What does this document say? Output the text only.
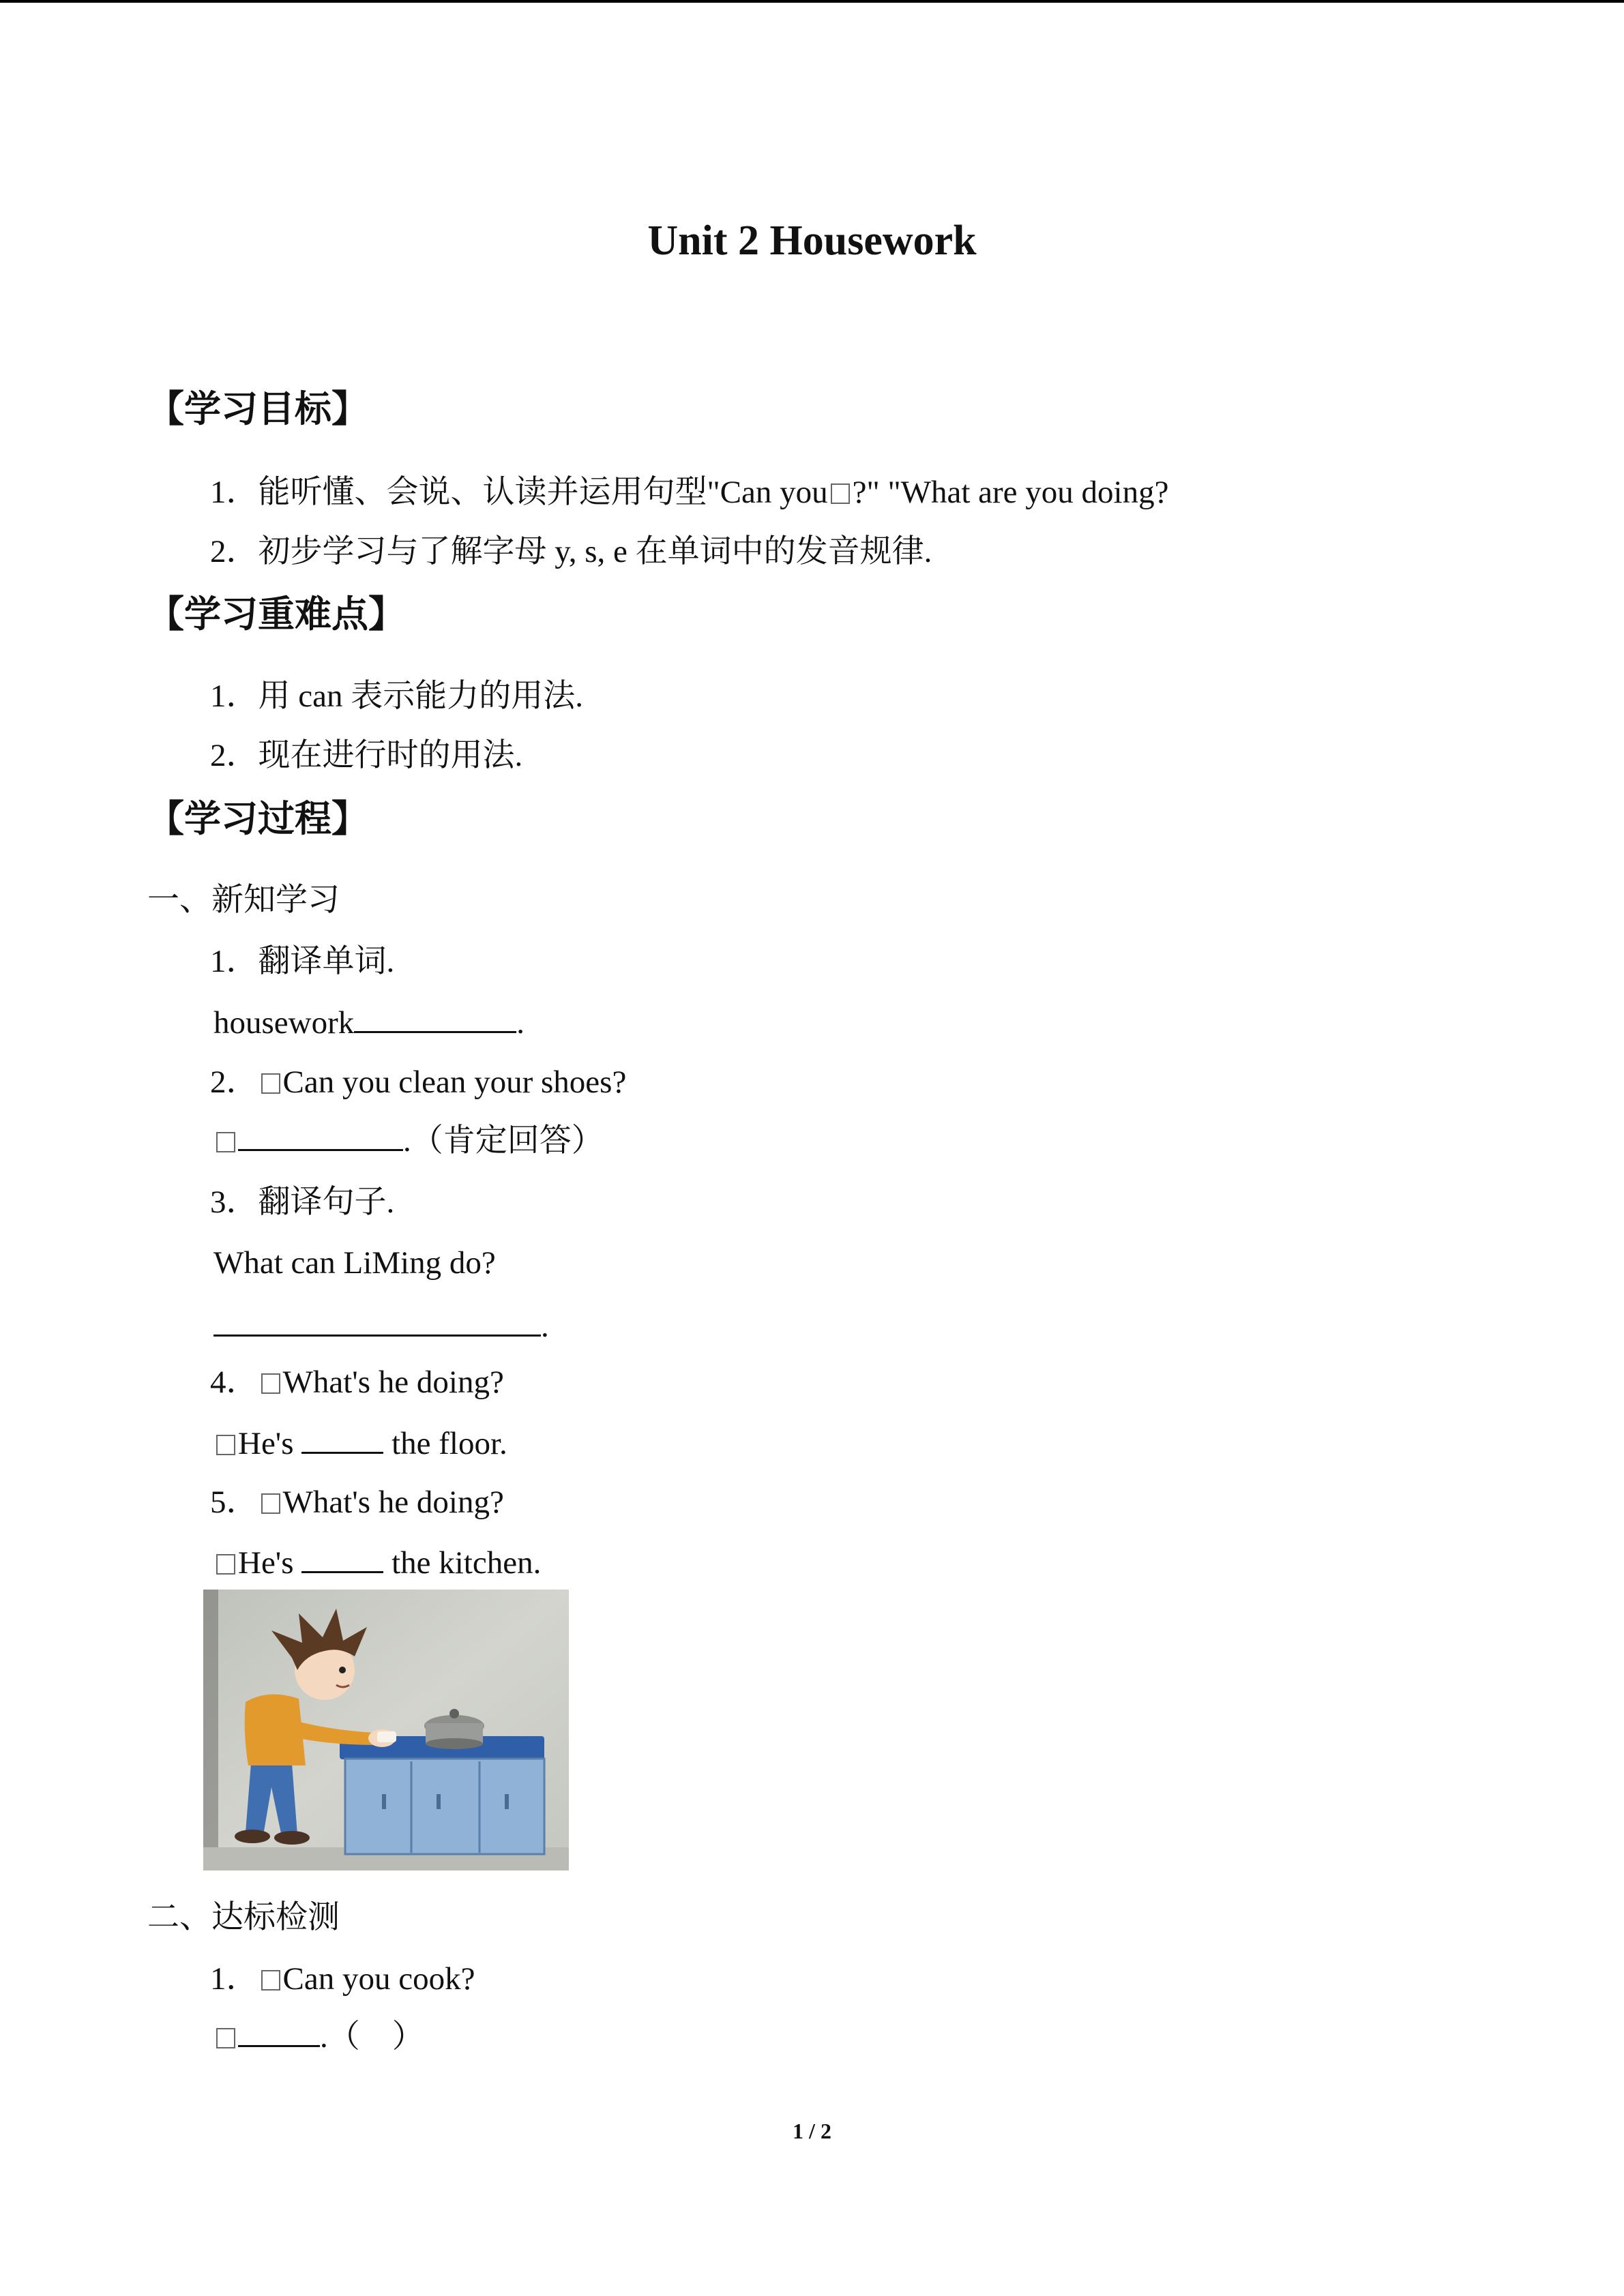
Unit 2 Housework
【学习目标】
1．能听懂、会说、认读并运用句型"Can you ?" "What are you doing?
2．初步学习与了解字母 y, s, e 在单词中的发音规律.
【学习重难点】
1．用 can 表示能力的用法.
2．现在进行时的用法.
【学习过程】
一、新知学习
1．翻译单词.
housework	.
2． Can you clean your shoes?
.（肯定回答）
3．翻译句子.
What can LiMing do?
.
4． What's he doing?
He's	the floor.
5． What's he doing?
He's	the kitchen.
二、达标检测
1． Can you cook?
.（　）
1 / 2
